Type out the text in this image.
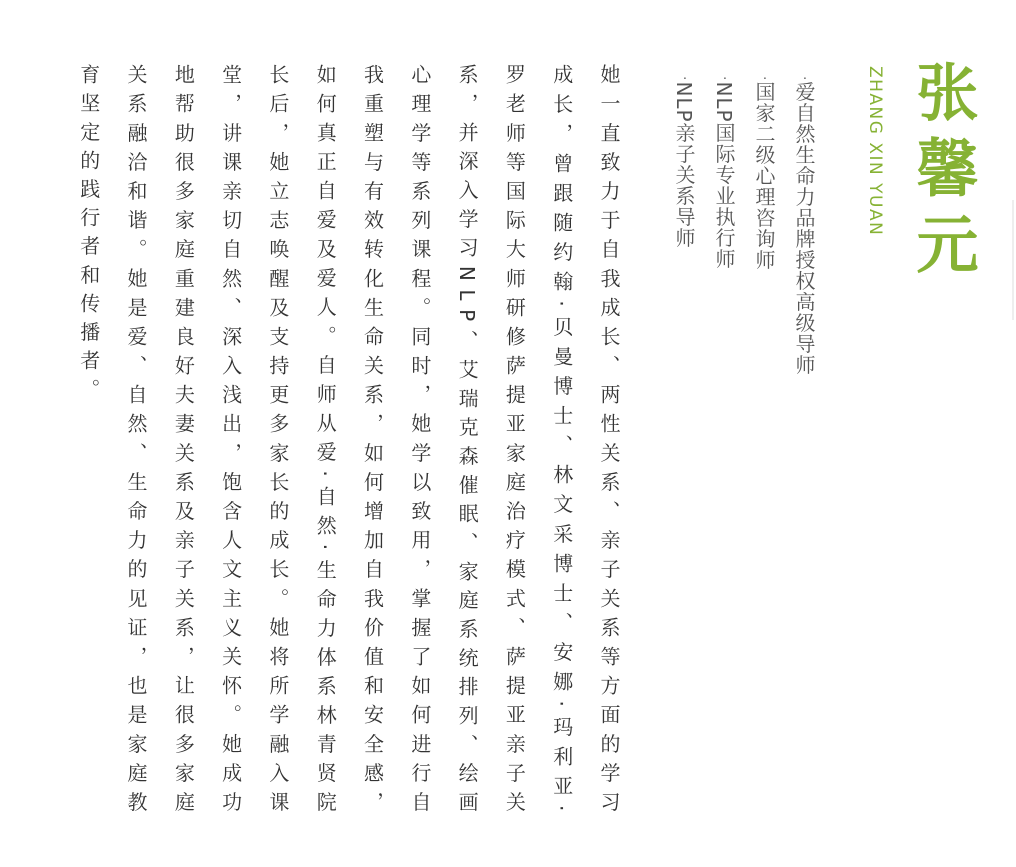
张馨元
ZHANG XIN YUAN
·爱自然生命力品牌授权高级导师
·国家二级心理咨询师
·NLP国际专业执行师
·NLP亲子关系导师
她一直致力于自我成长、两性关系、亲子关系等方面的学习成长，曾跟随约翰·贝曼博士、林文采博士、安娜·玛利亚·罗老师等国际大师研修萨提亚家庭治疗模式、萨提亚亲子关系，并深入学习NLP、艾瑞克森催眠、家庭系统排列、绘画心理学等系列课程。同时，她学以致用，掌握了如何进行自我重塑与有效转化生命关系，如何增加自我价值和安全感，如何真正自爱及爱人。自师从爱·自然·生命力体系林青贤院长后，她立志唤醒及支持更多家长的成长。她将所学融入课堂，讲课亲切自然、深入浅出，饱含人文主义关怀。她成功地帮助很多家庭重建良好夫妻关系及亲子关系，让很多家庭关系融洽和谐。她是爱、自然、生命力的见证，也是家庭教育坚定的践行者和传播者。
